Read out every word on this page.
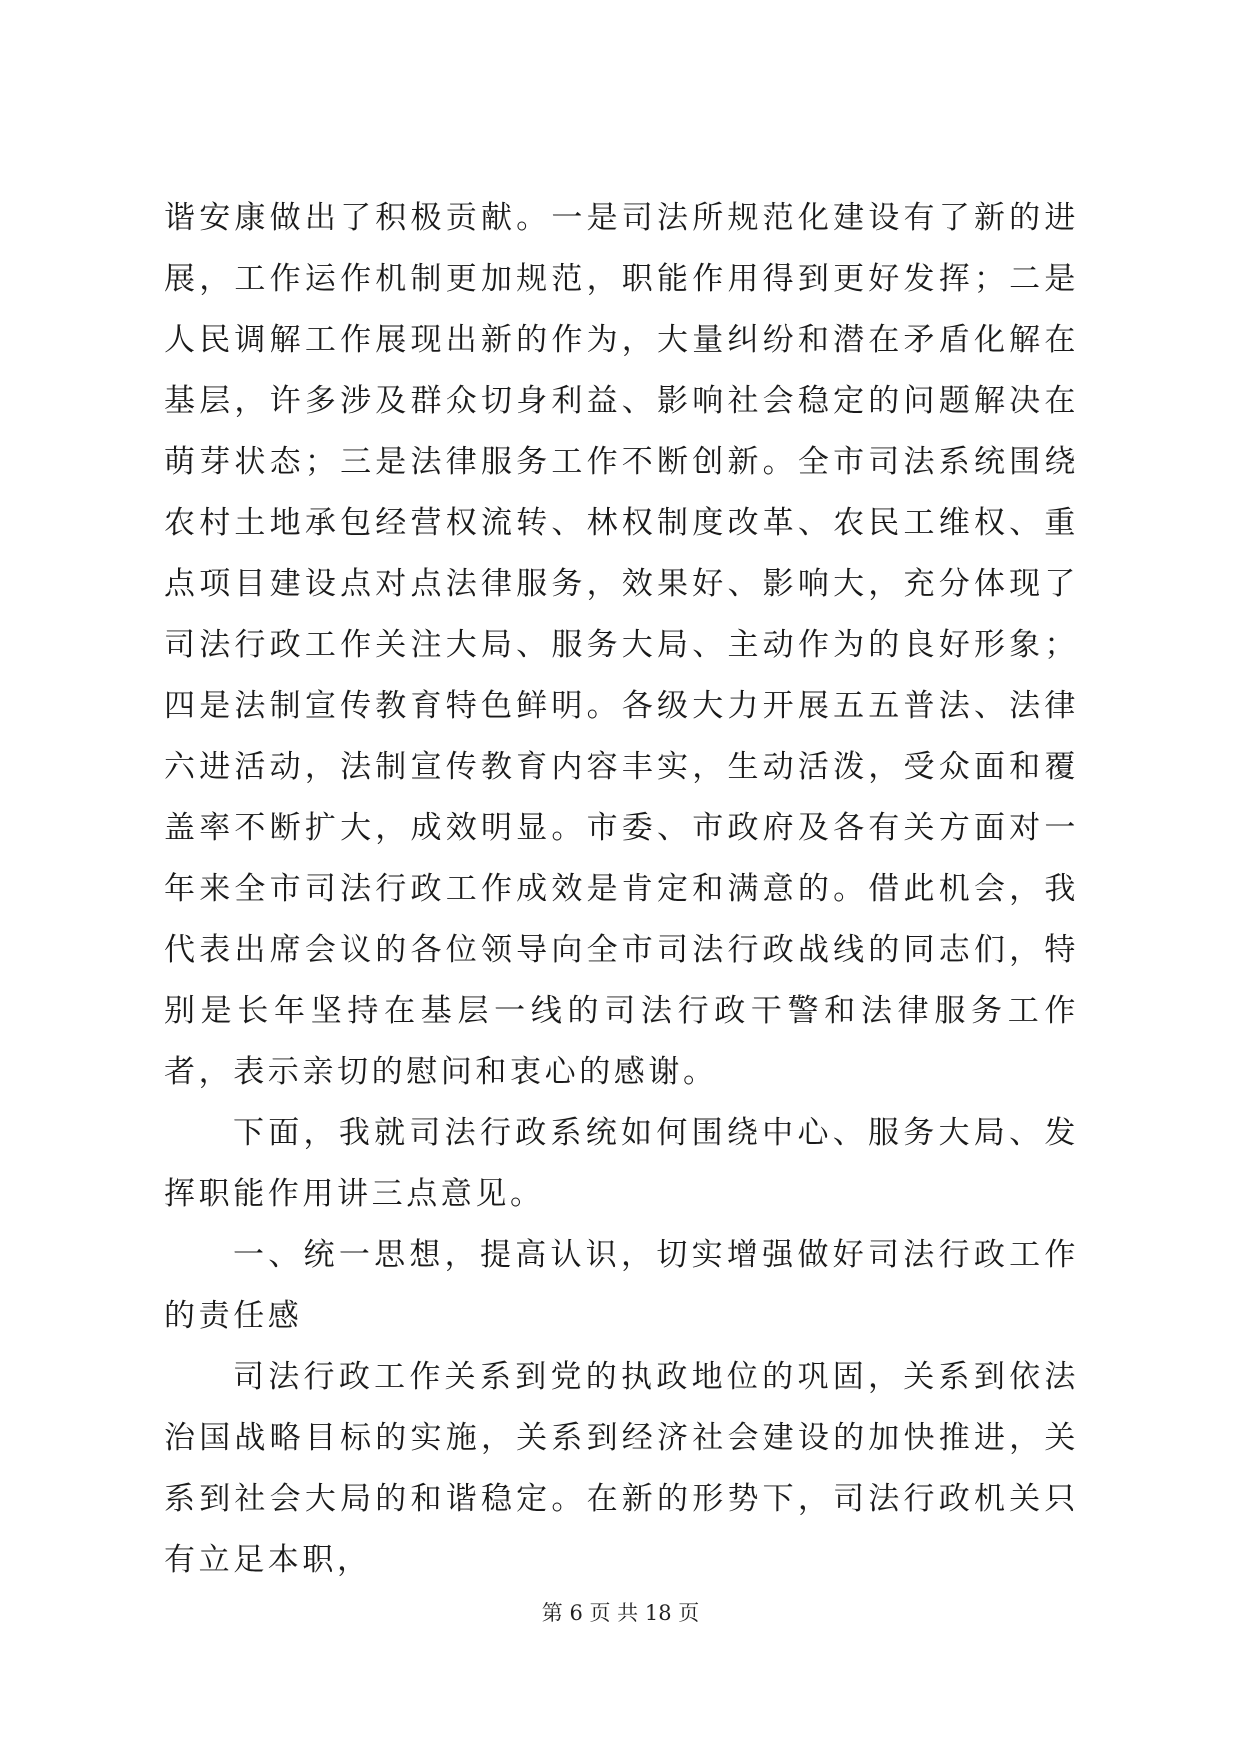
谐安康做出了积极贡献。一是司法所规范化建设有了新的进展，工作运作机制更加规范，职能作用得到更好发挥；二是人民调解工作展现出新的作为，大量纠纷和潜在矛盾化解在基层，许多涉及群众切身利益、影响社会稳定的问题解决在萌芽状态；三是法律服务工作不断创新。全市司法系统围绕农村土地承包经营权流转、林权制度改革、农民工维权、重点项目建设点对点法律服务，效果好、影响大，充分体现了司法行政工作关注大局、服务大局、主动作为的良好形象；四是法制宣传教育特色鲜明。各级大力开展五五普法、法律六进活动，法制宣传教育内容丰实，生动活泼，受众面和覆盖率不断扩大，成效明显。市委、市政府及各有关方面对一年来全市司法行政工作成效是肯定和满意的。借此机会，我代表出席会议的各位领导向全市司法行政战线的同志们，特别是长年坚持在基层一线的司法行政干警和法律服务工作者，表示亲切的慰问和衷心的感谢。

下面，我就司法行政系统如何围绕中心、服务大局、发挥职能作用讲三点意见。

一、统一思想，提高认识，切实增强做好司法行政工作的责任感

司法行政工作关系到党的执政地位的巩固，关系到依法治国战略目标的实施，关系到经济社会建设的加快推进，关系到社会大局的和谐稳定。在新的形势下，司法行政机关只有立足本职，

第 6 页 共 18 页
